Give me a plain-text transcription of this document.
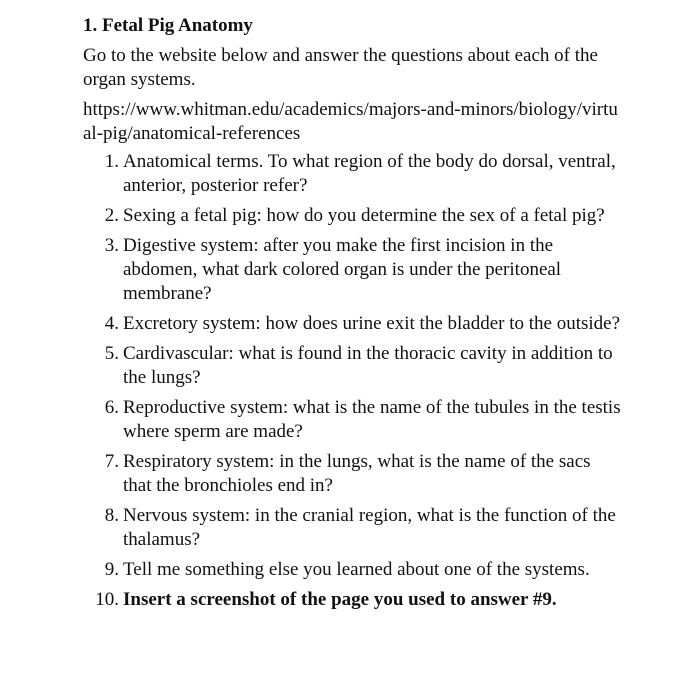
1. Fetal Pig Anatomy
Go to the website below and answer the questions about each of the organ systems.
https://www.whitman.edu/academics/majors-and-minors/biology/virtual-pig/anatomical-references
1. Anatomical terms. To what region of the body do dorsal, ventral, anterior, posterior refer?
2. Sexing a fetal pig: how do you determine the sex of a fetal pig?
3. Digestive system: after you make the first incision in the abdomen, what dark colored organ is under the peritoneal membrane?
4. Excretory system: how does urine exit the bladder to the outside?
5. Cardivascular: what is found in the thoracic cavity in addition to the lungs?
6. Reproductive system: what is the name of the tubules in the testis where sperm are made?
7. Respiratory system: in the lungs, what is the name of the sacs that the bronchioles end in?
8. Nervous system: in the cranial region, what is the function of the thalamus?
9. Tell me something else you learned about one of the systems.
10. Insert a screenshot of the page you used to answer #9.
